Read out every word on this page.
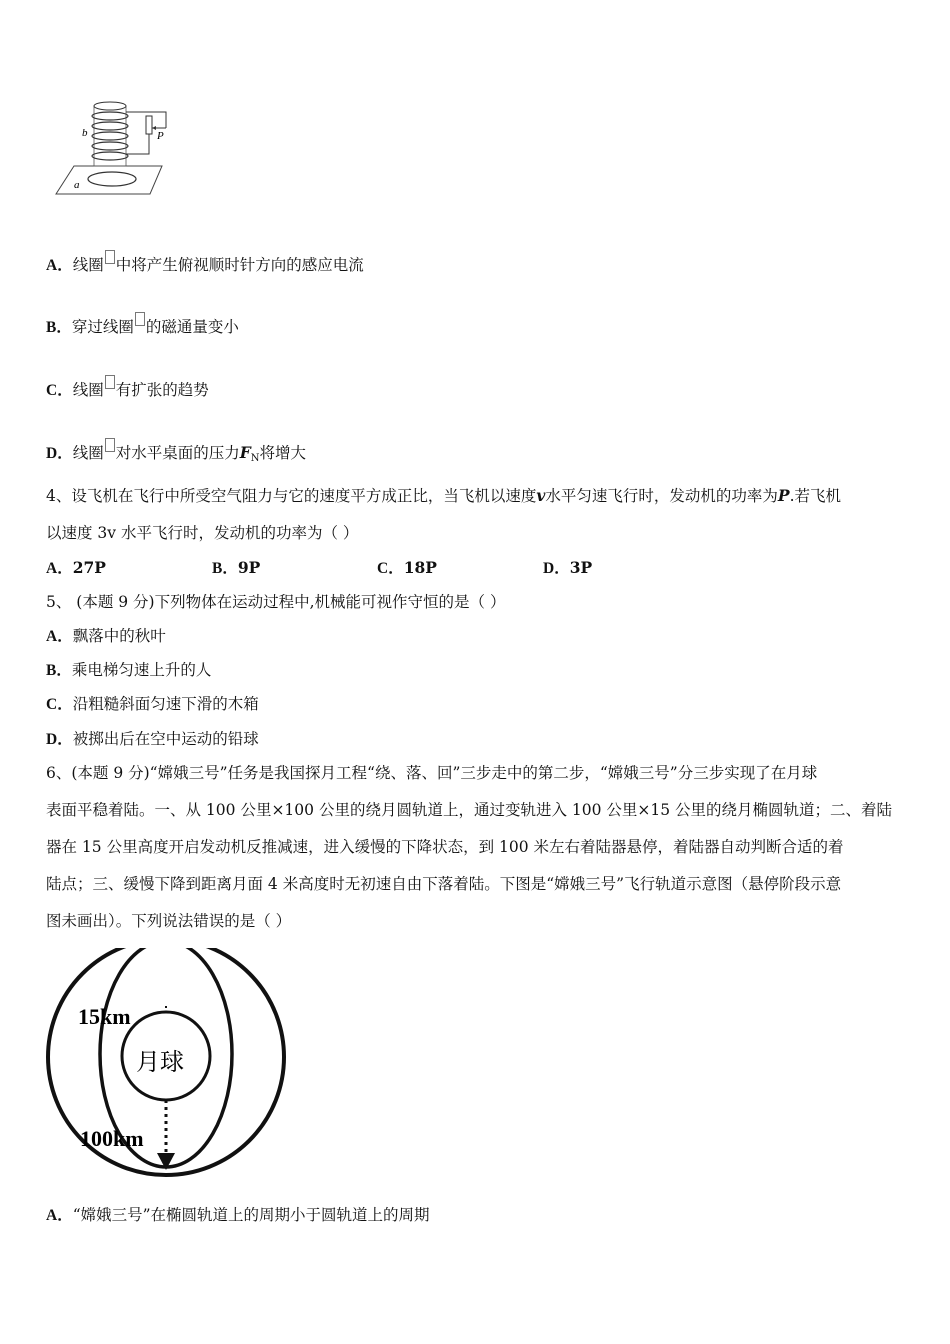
b	P
a
A．线圈 中将产生俯视顺时针方向的感应电流
B．穿过线圈 的磁通量变小
C．线圈 有扩张的趋势
D．线圈 对水平桌面的压力$F_N$将增大
4、设飞机在飞行中所受空气阻力与它的速度平方成正比，当飞机以速度v水平匀速飞行时，发动机的功率为P.若飞机
以速度 3v 水平飞行时，发动机的功率为（ ）
A．27P	B．9P	C．18P	D．3P
5、 (本题 9 分)下列物体在运动过程中,机械能可视作守恒的是（ ）
A．飘落中的秋叶
B．乘电梯匀速上升的人
C．沿粗糙斜面匀速下滑的木箱
D．被掷出后在空中运动的铅球
6、(本题 9 分)“嫦娥三号”任务是我国探月工程“绕、落、回”三步走中的第二步，“嫦娥三号”分三步实现了在月球
表面平稳着陆。一、从 100 公里×100 公里的绕月圆轨道上，通过变轨进入 100 公里×15 公里的绕月椭圆轨道；二、着陆
器在 15 公里高度开启发动机反推减速，进入缓慢的下降状态，到 100 米左右着陆器悬停，着陆器自动判断合适的着
陆点；三、缓慢下降到距离月面 4 米高度时无初速自由下落着陆。下图是“嫦娥三号”飞行轨道示意图（悬停阶段示意
图未画出）。下列说法错误的是（ ）
15km
月球
100km
A．“嫦娥三号”在椭圆轨道上的周期小于圆轨道上的周期
